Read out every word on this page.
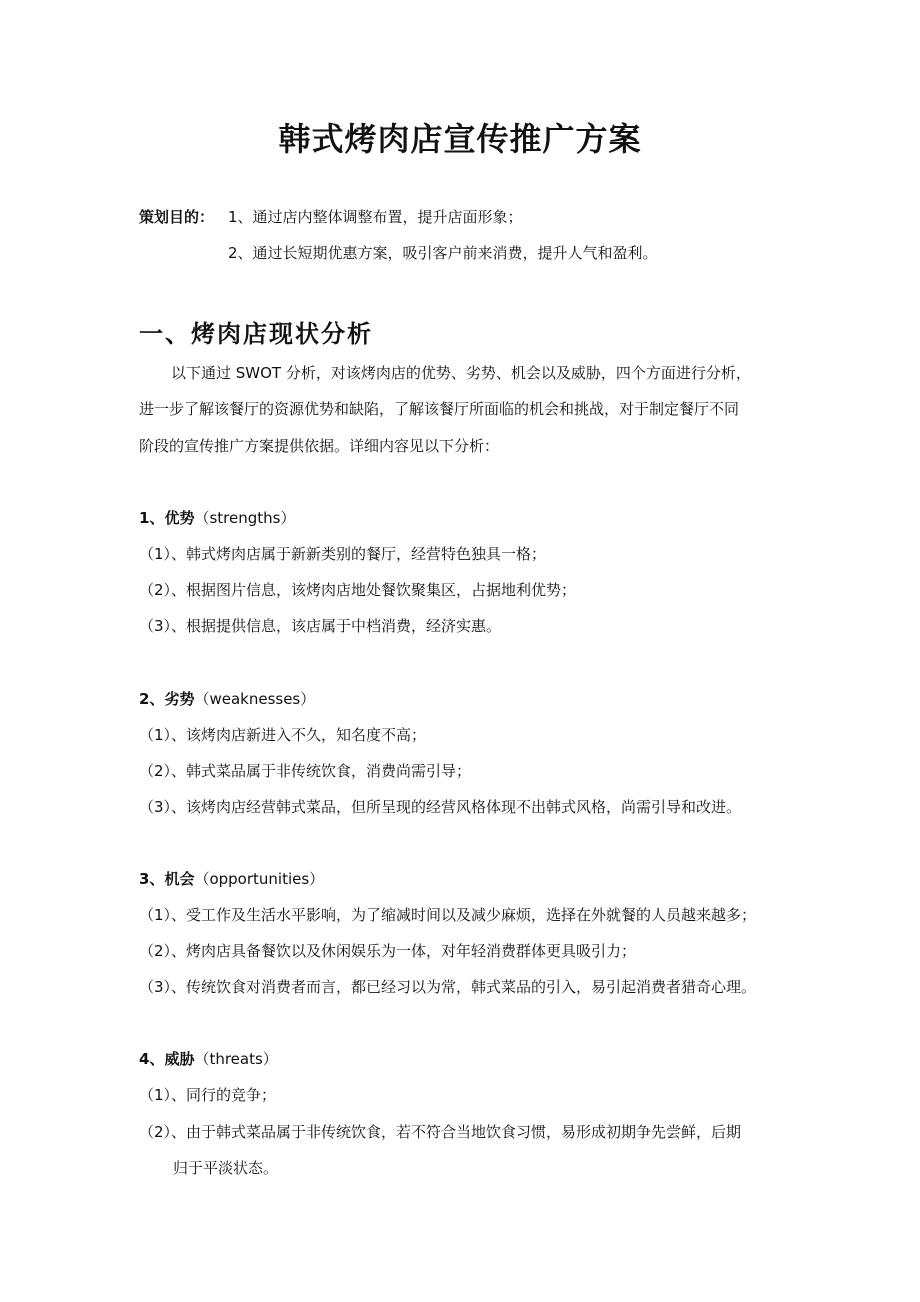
韩式烤肉店宣传推广方案
策划目的： 1、通过店内整体调整布置，提升店面形象；
2、通过长短期优惠方案，吸引客户前来消费，提升人气和盈利。
一、烤肉店现状分析
以下通过 SWOT 分析，对该烤肉店的优势、劣势、机会以及威胁，四个方面进行分析，
进一步了解该餐厅的资源优势和缺陷，了解该餐厅所面临的机会和挑战，对于制定餐厅不同
阶段的宣传推广方案提供依据。详细内容见以下分析：
1、优势（strengths）
（1）、韩式烤肉店属于新新类别的餐厅，经营特色独具一格；
（2）、根据图片信息，该烤肉店地处餐饮聚集区，占据地利优势；
（3）、根据提供信息，该店属于中档消费，经济实惠。
2、劣势（weaknesses）
（1）、该烤肉店新进入不久，知名度不高；
（2）、韩式菜品属于非传统饮食，消费尚需引导；
（3）、该烤肉店经营韩式菜品，但所呈现的经营风格体现不出韩式风格，尚需引导和改进。
3、机会（opportunities）
（1）、受工作及生活水平影响，为了缩减时间以及减少麻烦，选择在外就餐的人员越来越多；
（2）、烤肉店具备餐饮以及休闲娱乐为一体，对年轻消费群体更具吸引力；
（3）、传统饮食对消费者而言，都已经习以为常，韩式菜品的引入，易引起消费者猎奇心理。
4、威胁（threats）
（1）、同行的竞争；
（2）、由于韩式菜品属于非传统饮食，若不符合当地饮食习惯，易形成初期争先尝鲜，后期
归于平淡状态。
